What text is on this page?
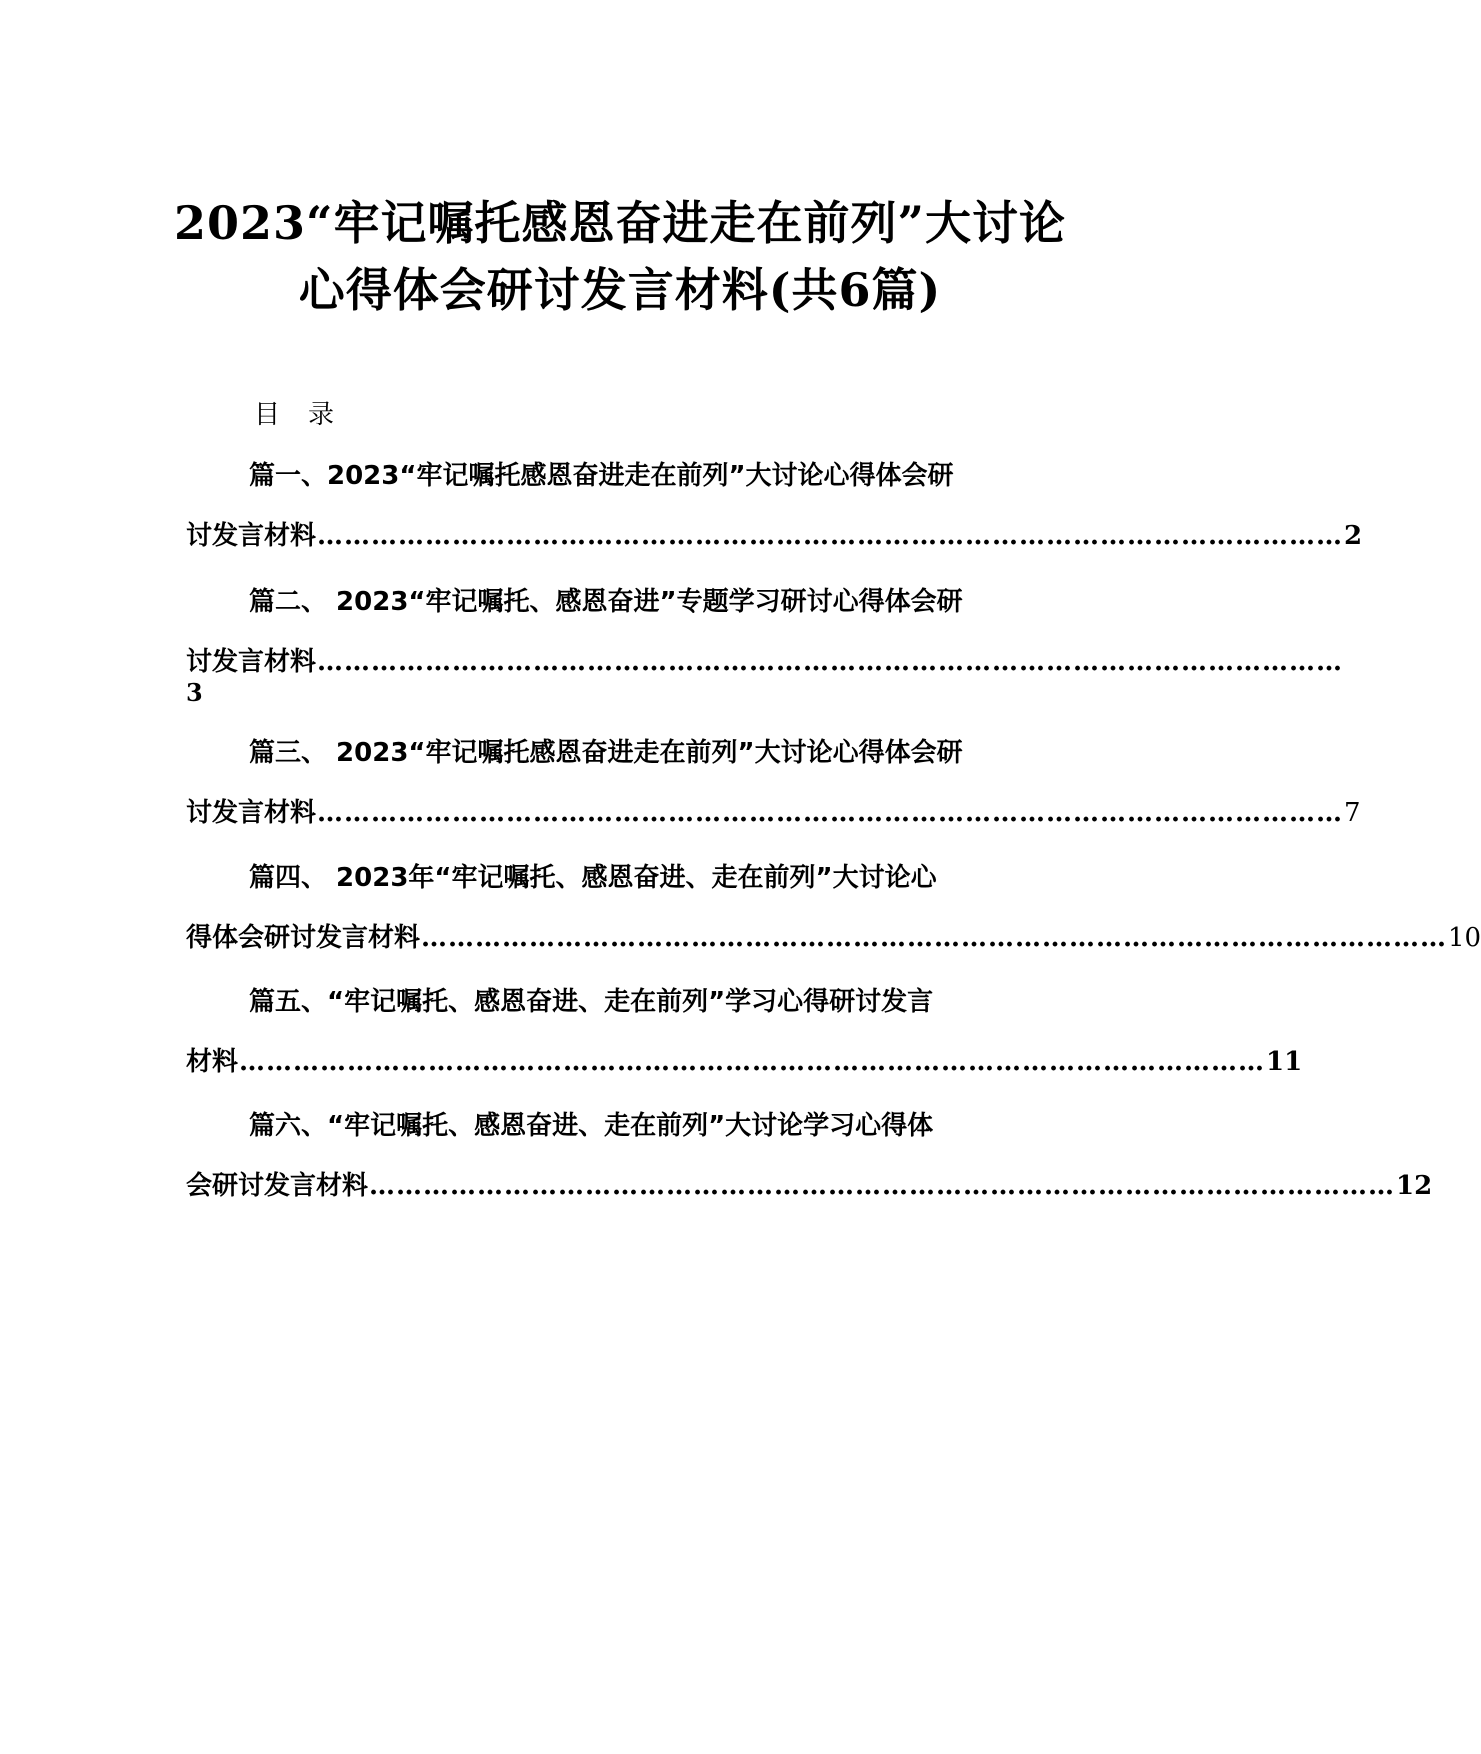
2023“牢记嘱托感恩奋进走在前列”大讨论
心得体会研讨发言材料(共6篇)
目录
篇一、2023“牢记嘱托感恩奋进走在前列”大讨论心得体会研
讨发言材料 …………………………………………………………………………………………………… 2
篇二、 2023“牢记嘱托、感恩奋进”专题学习研讨心得体会研
讨发言材料 ……………………………………………………………………………………………………
3
篇三、 2023“牢记嘱托感恩奋进走在前列”大讨论心得体会研
讨发言材料 …………………………………………………………………………………………………… 7
篇四、 2023年“牢记嘱托、感恩奋进、走在前列”大讨论心
得体会研讨发言材料 …………………………………………………………………………………………………… 10
篇五、“牢记嘱托、感恩奋进、走在前列”学习心得研讨发言
材料 …………………………………………………………………………………………………… 11
篇六、“牢记嘱托、感恩奋进、走在前列”大讨论学习心得体
会研讨发言材料 …………………………………………………………………………………………………… 12
